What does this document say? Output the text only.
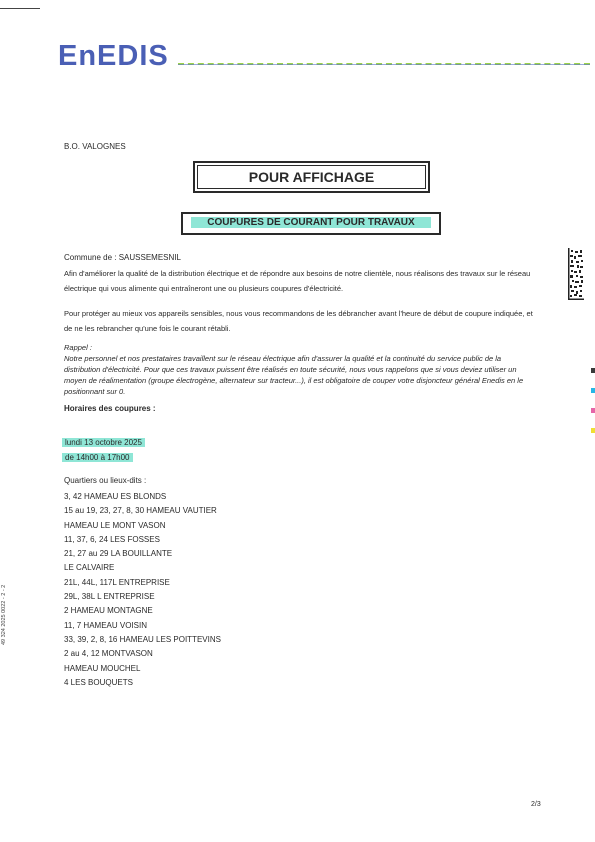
EnEDIS
B.O. VALOGNES
POUR AFFICHAGE
COUPURES DE COURANT POUR TRAVAUX
Commune de : SAUSSEMESNIL
Afin d'améliorer la qualité de la distribution électrique et de répondre aux besoins de notre clientèle, nous réalisons des travaux sur le réseau électrique qui vous alimente qui entraîneront une ou plusieurs coupures d'électricité.
Pour protéger au mieux vos appareils sensibles, nous vous recommandons de les débrancher avant l'heure de début de coupure indiquée, et de ne les rebrancher qu'une fois le courant rétabli.
Rappel :
Notre personnel et nos prestataires travaillent sur le réseau électrique afin d'assurer la qualité et la continuité du service public de la distribution d'électricité. Pour que ces travaux puissent être réalisés en toute sécurité, nous vous rappelons que si vous deviez utiliser un moyen de réalimentation (groupe électrogène, alternateur sur tracteur...), il est obligatoire de couper votre disjoncteur général Enedis en le positionnant sur 0.
Horaires des coupures :
lundi 13 octobre 2025
de 14h00 à 17h00
Quartiers ou lieux-dits :
3, 42 HAMEAU ES BLONDS
15 au 19, 23, 27, 8, 30 HAMEAU VAUTIER
HAMEAU LE MONT VASON
11, 37, 6, 24 LES FOSSES
21, 27 au 29 LA BOUILLANTE
LE CALVAIRE
21L, 44L, 117L ENTREPRISE
29L, 38L L ENTREPRISE
2 HAMEAU MONTAGNE
11, 7 HAMEAU VOISIN
33, 39, 2, 8, 16 HAMEAU LES POITTEVINS
2 au 4, 12 MONTVASON
HAMEAU MOUCHEL
4 LES BOUQUETS
49 324 2025 0022 - 2 - 2
2/3
